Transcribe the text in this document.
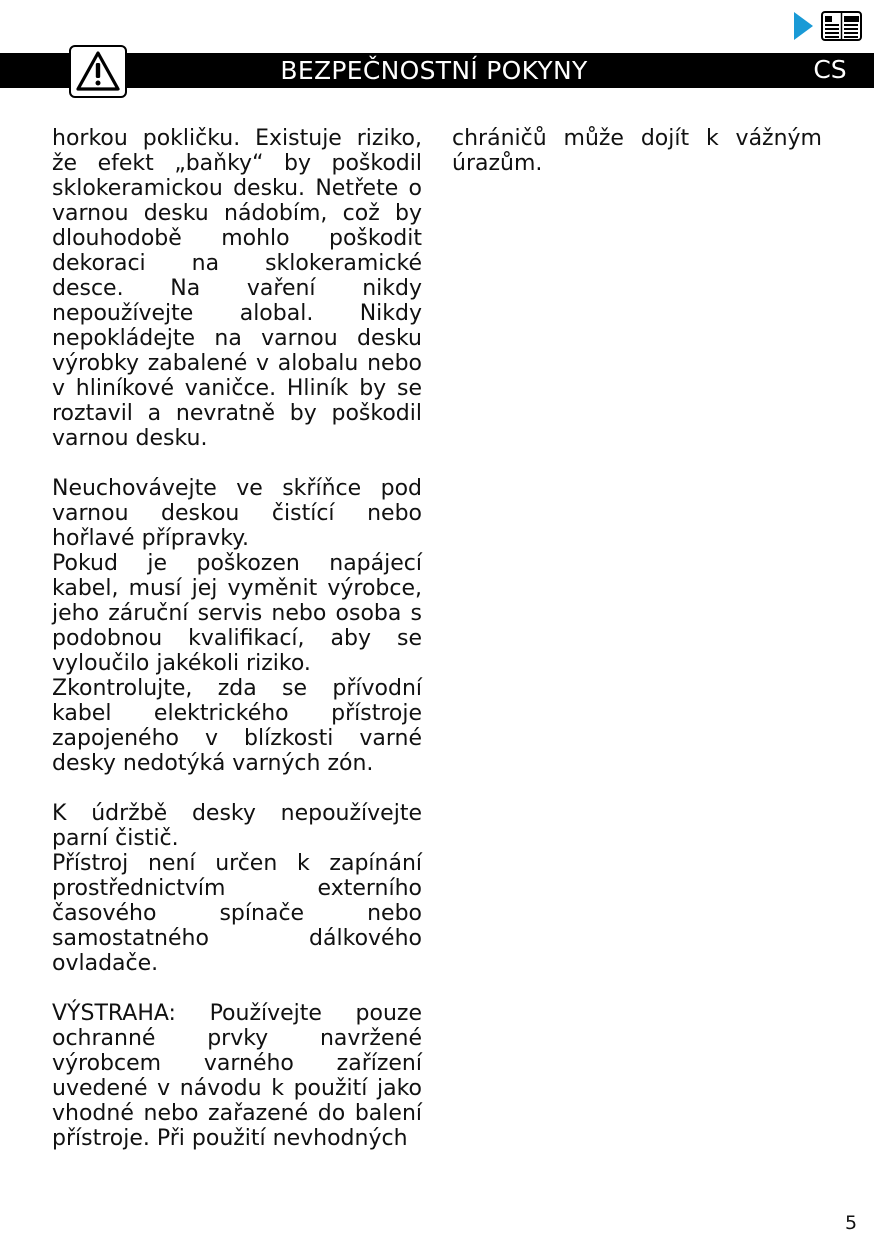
BEZPEČNOSTNÍ POKYNY	CS

horkou pokličku. Existuje riziko, že efekt „baňky“ by poškodil sklokeramickou desku. Netřete o varnou desku nádobím, což by dlouhodobě mohlo poškodit dekoraci na sklokeramické desce. Na vaření nikdy nepoužívejte alobal. Nikdy nepokládejte na varnou desku výrobky zabalené v alobalu nebo v hliníkové vaničce. Hliník by se roztavil a nevratně by poškodil varnou desku.

Neuchovávejte ve skříňce pod varnou deskou čistící nebo hořlavé přípravky.

Pokud je poškozen napájecí kabel, musí jej vyměnit výrobce, jeho záruční servis nebo osoba s podobnou kvalifikací, aby se vyloučilo jakékoli riziko.

Zkontrolujte, zda se přívodní kabel elektrického přístroje zapojeného v blízkosti varné desky nedotýká varných zón.

K údržbě desky nepoužívejte parní čistič.

Přístroj není určen k zapínání prostřednictvím externího časového spínače nebo samostatného dálkového ovladače.

VÝSTRAHA: Používejte pouze ochranné prvky navržené výrobcem varného zařízení uvedené v návodu k použití jako vhodné nebo zařazené do balení přístroje. Při použití nevhodných

chráničů může dojít k vážným úrazům.

5
